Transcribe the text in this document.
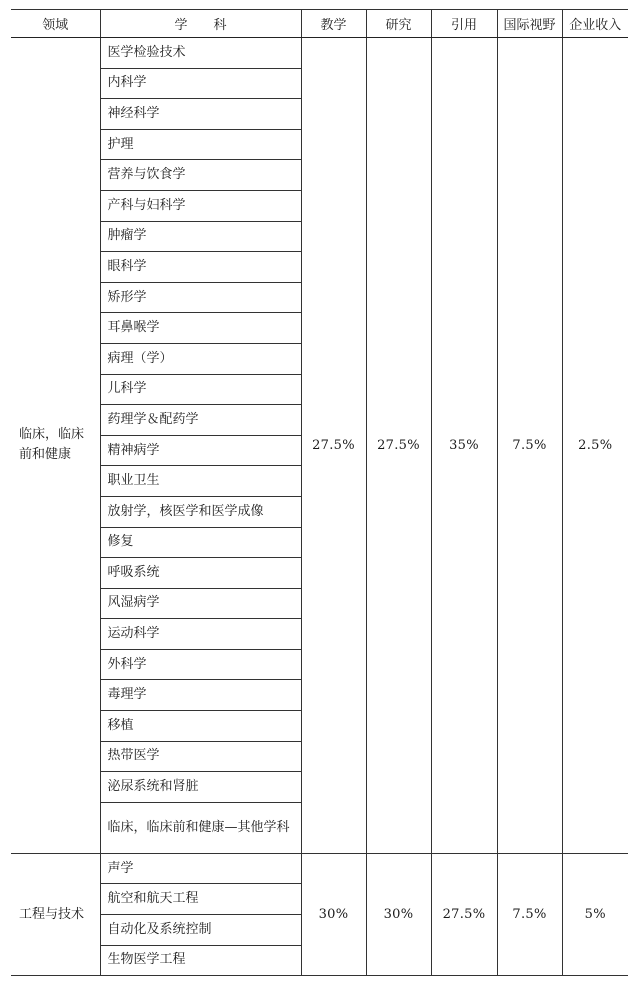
领域	学　　科	教学	研究	引用	国际视野	企业收入
临床，临床前和健康	医学检验技术	27.5%	27.5%	35%	7.5%	2.5%
	内科学					
	神经科学					
	护理					
	营养与饮食学					
	产科与妇科学					
	肿瘤学					
	眼科学					
	矫形学					
	耳鼻喉学					
	病理（学）					
	儿科学					
	药理学＆配药学					
	精神病学					
	职业卫生					
	放射学，核医学和医学成像					
	修复					
	呼吸系统					
	风湿病学					
	运动科学					
	外科学					
	毒理学					
	移植					
	热带医学					
	泌尿系统和肾脏					
	临床，临床前和健康—其他学科					
工程与技术	声学	30%	30%	27.5%	7.5%	5%
	航空和航天工程					
	自动化及系统控制					
	生物医学工程					
